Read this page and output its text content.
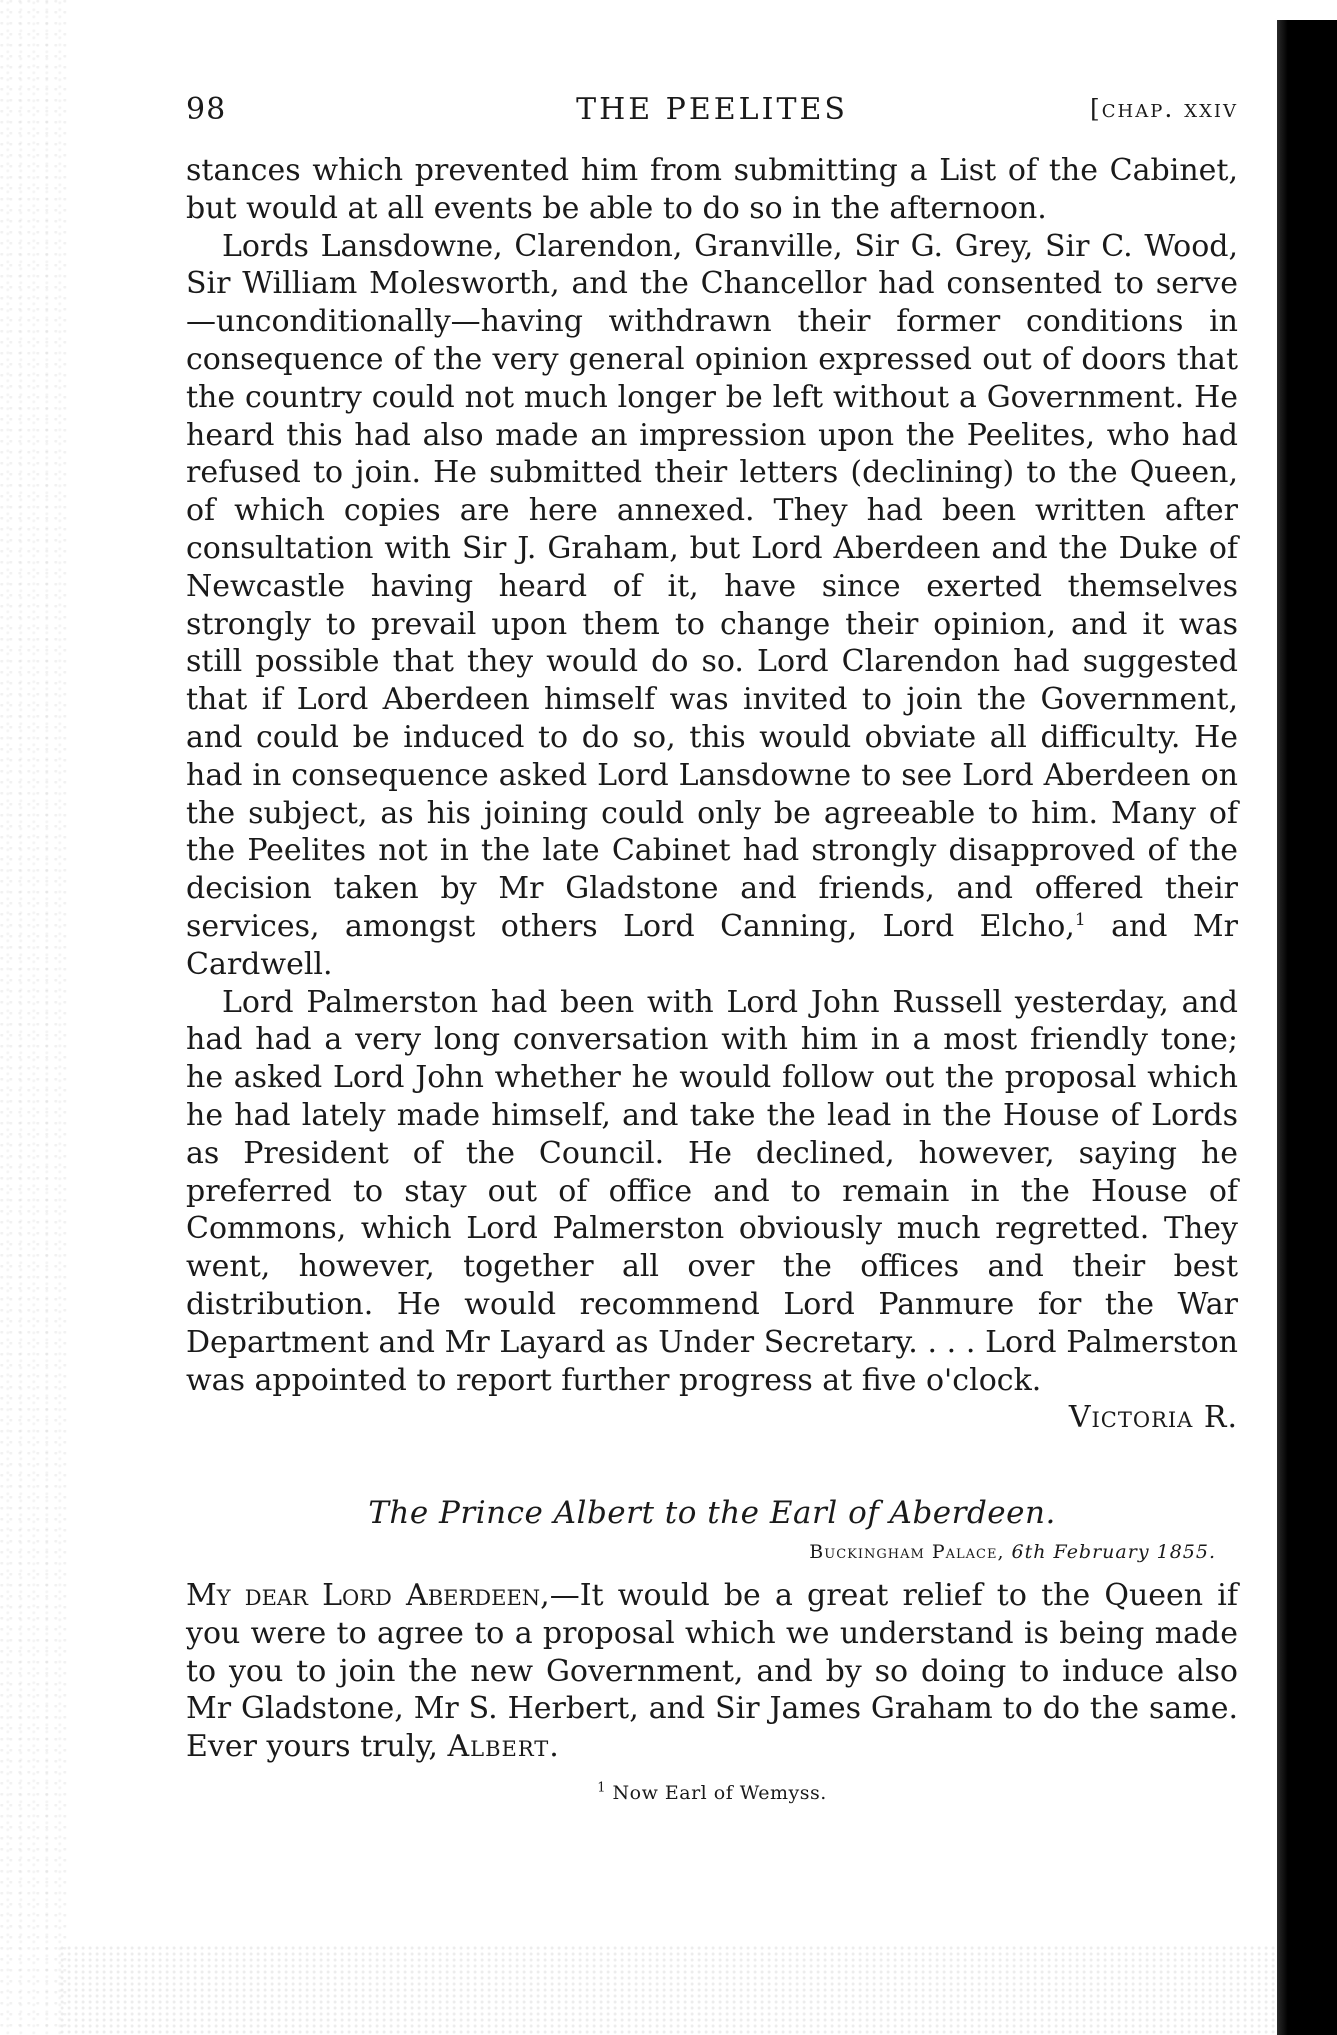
98	THE PEELITES	[chap. xxiv

stances which prevented him from submitting a List of the Cabinet, but would at all events be able to do so in the afternoon.

Lords Lansdowne, Clarendon, Granville, Sir G. Grey, Sir C. Wood, Sir William Molesworth, and the Chancellor had consented to serve—unconditionally—having withdrawn their former conditions in consequence of the very general opinion expressed out of doors that the country could not much longer be left without a Government. He heard this had also made an impression upon the Peelites, who had refused to join. He submitted their letters (declining) to the Queen, of which copies are here annexed. They had been written after consultation with Sir J. Graham, but Lord Aberdeen and the Duke of Newcastle having heard of it, have since exerted themselves strongly to prevail upon them to change their opinion, and it was still possible that they would do so. Lord Clarendon had suggested that if Lord Aberdeen himself was invited to join the Government, and could be induced to do so, this would obviate all difficulty. He had in consequence asked Lord Lansdowne to see Lord Aberdeen on the subject, as his joining could only be agreeable to him. Many of the Peelites not in the late Cabinet had strongly disapproved of the decision taken by Mr Gladstone and friends, and offered their services, amongst others Lord Canning, Lord Elcho,$^1$ and Mr Cardwell.

Lord Palmerston had been with Lord John Russell yesterday, and had had a very long conversation with him in a most friendly tone; he asked Lord John whether he would follow out the proposal which he had lately made himself, and take the lead in the House of Lords as President of the Council. He declined, however, saying he preferred to stay out of office and to remain in the House of Commons, which Lord Palmerston obviously much regretted. They went, however, together all over the offices and their best distribution. He would recommend Lord Panmure for the War Department and Mr Layard as Under Secretary. . . . Lord Palmerston was appointed to report further progress at five o'clock.
Victoria R.

The Prince Albert to the Earl of Aberdeen.
Buckingham Palace, 6th February 1855.

My dear Lord Aberdeen,—It would be a great relief to the Queen if you were to agree to a proposal which we understand is being made to you to join the new Government, and by so doing to induce also Mr Gladstone, Mr S. Herbert, and Sir James Graham to do the same. Ever yours truly, Albert.

$^1$ Now Earl of Wemyss.
